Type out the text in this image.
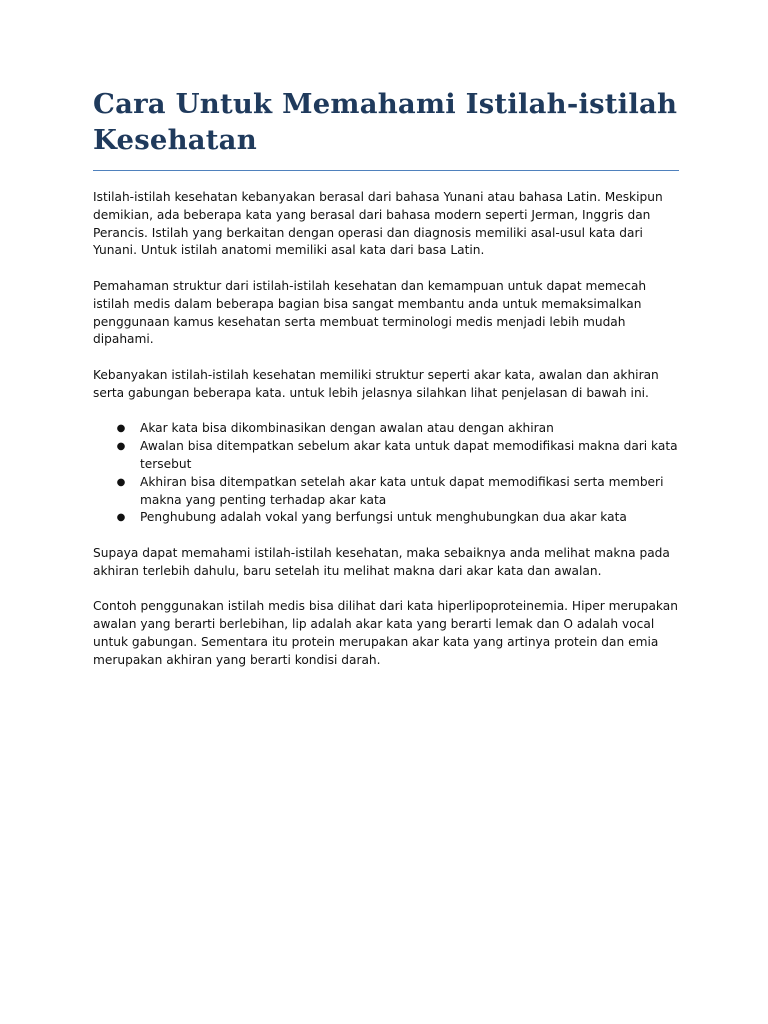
Cara Untuk Memahami Istilah-istilah Kesehatan

Istilah-istilah kesehatan kebanyakan berasal dari bahasa Yunani atau bahasa Latin. Meskipun demikian, ada beberapa kata yang berasal dari bahasa modern seperti Jerman, Inggris dan Perancis. Istilah yang berkaitan dengan operasi dan diagnosis memiliki asal-usul kata dari Yunani. Untuk istilah anatomi memiliki asal kata dari basa Latin.

Pemahaman struktur dari istilah-istilah kesehatan dan kemampuan untuk dapat memecah istilah medis dalam beberapa bagian bisa sangat membantu anda untuk memaksimalkan penggunaan kamus kesehatan serta membuat terminologi medis menjadi lebih mudah dipahami.

Kebanyakan istilah-istilah kesehatan memiliki struktur seperti akar kata, awalan dan akhiran serta gabungan beberapa kata. untuk lebih jelasnya silahkan lihat penjelasan di bawah ini.

● Akar kata bisa dikombinasikan dengan awalan atau dengan akhiran
● Awalan bisa ditempatkan sebelum akar kata untuk dapat memodifikasi makna dari kata tersebut
● Akhiran bisa ditempatkan setelah akar kata untuk dapat memodifikasi serta memberi makna yang penting terhadap akar kata
● Penghubung adalah vokal yang berfungsi untuk menghubungkan dua akar kata

Supaya dapat memahami istilah-istilah kesehatan, maka sebaiknya anda melihat makna pada akhiran terlebih dahulu, baru setelah itu melihat makna dari akar kata dan awalan.

Contoh penggunakan istilah medis bisa dilihat dari kata hiperlipoproteinemia. Hiper merupakan awalan yang berarti berlebihan, lip adalah akar kata yang berarti lemak dan O adalah vocal untuk gabungan. Sementara itu protein merupakan akar kata yang artinya protein dan emia merupakan akhiran yang berarti kondisi darah.
